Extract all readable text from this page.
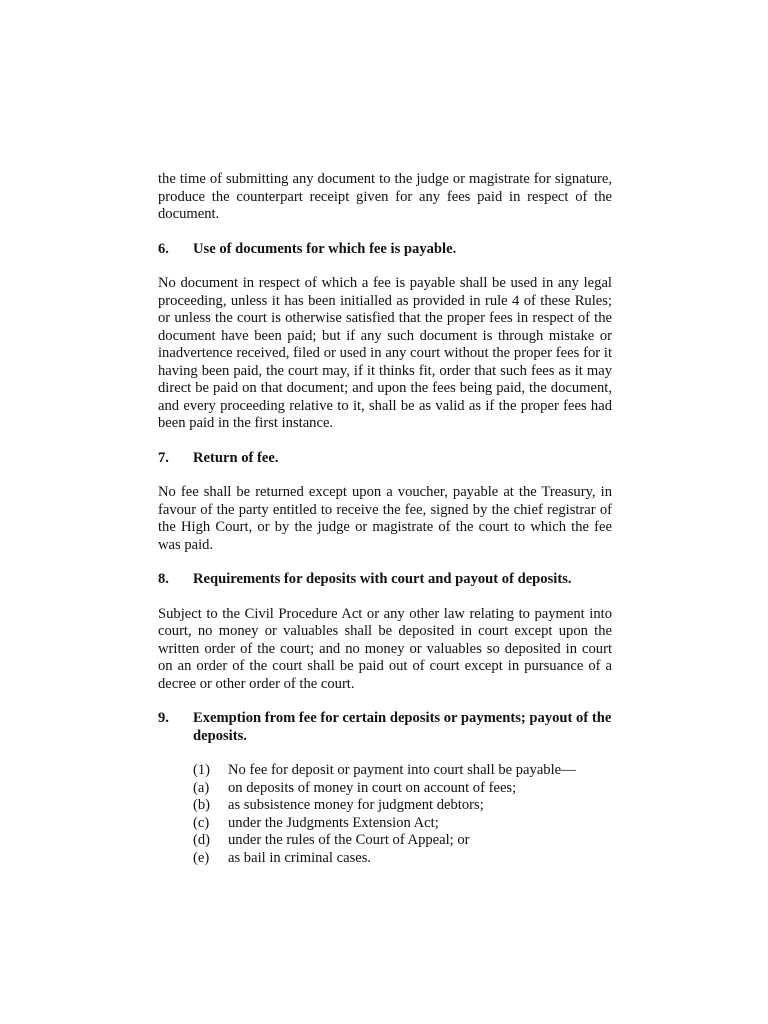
the time of submitting any document to the judge or magistrate for signature, produce the counterpart receipt given for any fees paid in respect of the document.

6.	Use of documents for which fee is payable.

No document in respect of which a fee is payable shall be used in any legal proceeding, unless it has been initialled as provided in rule 4 of these Rules; or unless the court is otherwise satisfied that the proper fees in respect of the document have been paid; but if any such document is through mistake or inadvertence received, filed or used in any court without the proper fees for it having been paid, the court may, if it thinks fit, order that such fees as it may direct be paid on that document; and upon the fees being paid, the document, and every proceeding relative to it, shall be as valid as if the proper fees had been paid in the first instance.

7.	Return of fee.

No fee shall be returned except upon a voucher, payable at the Treasury, in favour of the party entitled to receive the fee, signed by the chief registrar of the High Court, or by the judge or magistrate of the court to which the fee was paid.

8.	Requirements for deposits with court and payout of deposits.

Subject to the Civil Procedure Act or any other law relating to payment into court, no money or valuables shall be deposited in court except upon the written order of the court; and no money or valuables so deposited in court on an order of the court shall be paid out of court except in pursuance of a decree or other order of the court.

9.	Exemption from fee for certain deposits or payments; payout of the deposits.
(1)	No fee for deposit or payment into court shall be payable—
(a)	on deposits of money in court on account of fees;
(b)	as subsistence money for judgment debtors;
(c)	under the Judgments Extension Act;
(d)	under the rules of the Court of Appeal; or
(e)	as bail in criminal cases.
